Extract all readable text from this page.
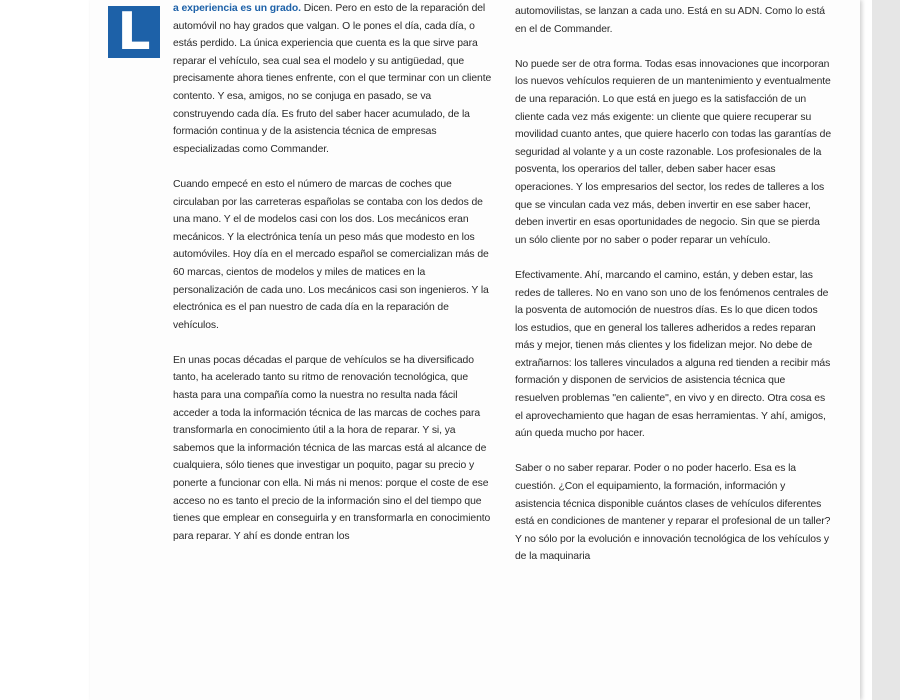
L a experiencia es un grado. Dicen. Pero en esto de la reparación del automóvil no hay grados que valgan. O le pones el día, cada día, o estás perdido. La única experiencia que cuenta es la que sirve para reparar el vehículo, sea cual sea el modelo y su antigüedad, que precisamente ahora tienes enfrente, con el que terminar con un cliente contento. Y esa, amigos, no se conjuga en pasado, se va construyendo cada día. Es fruto del saber hacer acumulado, de la formación continua y de la asistencia técnica de empresas especializadas como Commander.

Cuando empecé en esto el número de marcas de coches que circulaban por las carreteras españolas se contaba con los dedos de una mano. Y el de modelos casi con los dos. Los mecánicos eran mecánicos. Y la electrónica tenía un peso más que modesto en los automóviles. Hoy día en el mercado español se comercializan más de 60 marcas, cientos de modelos y miles de matices en la personalización de cada uno. Los mecánicos casi son ingenieros. Y la electrónica es el pan nuestro de cada día en la reparación de vehículos.

En unas pocas décadas el parque de vehículos se ha diversificado tanto, ha acelerado tanto su ritmo de renovación tecnológica, que hasta para una compañía como la nuestra no resulta nada fácil acceder a toda la información técnica de las marcas de coches para transformarla en conocimiento útil a la hora de reparar. Y si, ya sabemos que la información técnica de las marcas está al alcance de cualquiera, sólo tienes que investigar un poquito, pagar su precio y ponerte a funcionar con ella. Ni más ni menos: porque el coste de ese acceso no es tanto el precio de la información sino el del tiempo que tienes que emplear en conseguirla y en transformarla en conocimiento para reparar. Y ahí es donde entran los

automovilistas, se lanzan a cada uno. Está en su ADN. Como lo está en el de Commander.

No puede ser de otra forma. Todas esas innovaciones que incorporan los nuevos vehículos requieren de un mantenimiento y eventualmente de una reparación. Lo que está en juego es la satisfacción de un cliente cada vez más exigente: un cliente que quiere recuperar su movilidad cuanto antes, que quiere hacerlo con todas las garantías de seguridad al volante y a un coste razonable. Los profesionales de la posventa, los operarios del taller, deben saber hacer esas operaciones. Y los empresarios del sector, los redes de talleres a los que se vinculan cada vez más, deben invertir en ese saber hacer, deben invertir en esas oportunidades de negocio. Sin que se pierda un sólo cliente por no saber o poder reparar un vehículo.

Efectivamente. Ahí, marcando el camino, están, y deben estar, las redes de talleres. No en vano son uno de los fenómenos centrales de la posventa de automoción de nuestros días. Es lo que dicen todos los estudios, que en general los talleres adheridos a redes reparan más y mejor, tienen más clientes y los fidelizan mejor. No debe de extrañarnos: los talleres vinculados a alguna red tienden a recibir más formación y disponen de servicios de asistencia técnica que resuelven problemas "en caliente", en vivo y en directo. Otra cosa es el aprovechamiento que hagan de esas herramientas. Y ahí, amigos, aún queda mucho por hacer.

Saber o no saber reparar. Poder o no poder hacerlo. Esa es la cuestión. ¿Con el equipamiento, la formación, información y asistencia técnica disponible cuántos clases de vehículos diferentes está en condiciones de mantener y reparar el profesional de un taller? Y no sólo por la evolución e innovación tecnológica de los vehículos y de la maquinaria
